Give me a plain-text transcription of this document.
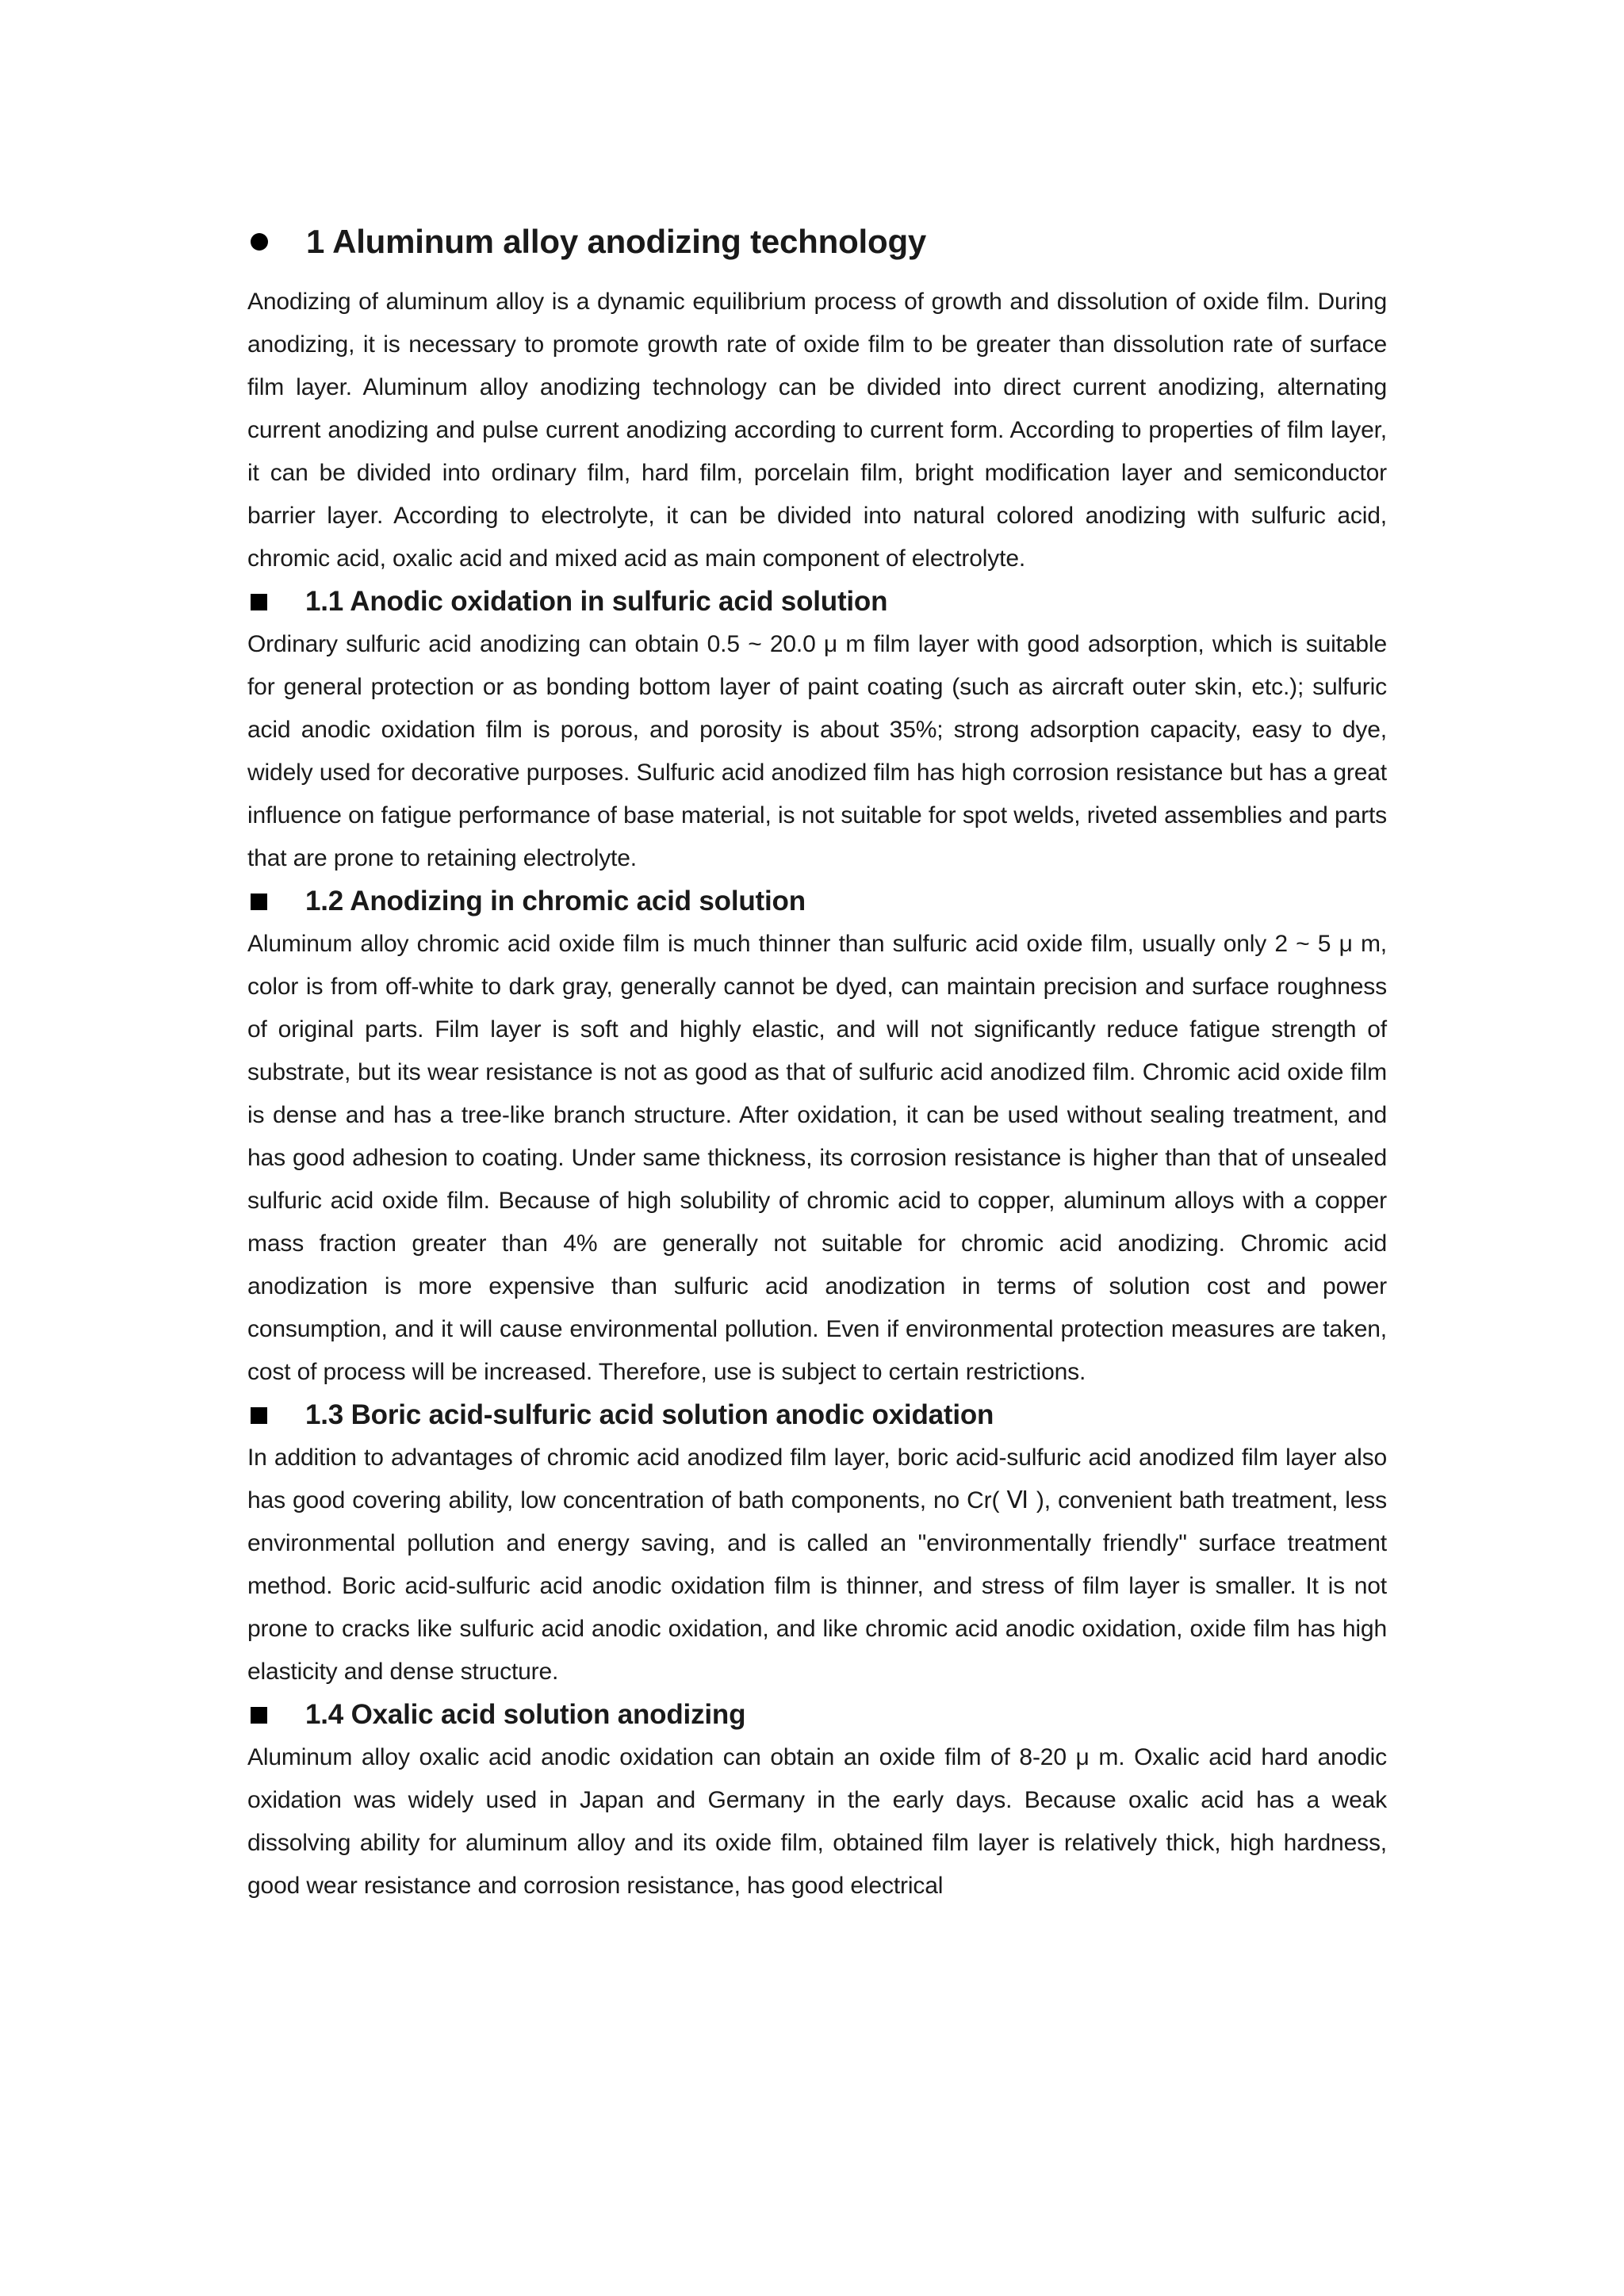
1 Aluminum alloy anodizing technology

Anodizing of aluminum alloy is a dynamic equilibrium process of growth and dissolution of oxide film. During anodizing, it is necessary to promote growth rate of oxide film to be greater than dissolution rate of surface film layer. Aluminum alloy anodizing technology can be divided into direct current anodizing, alternating current anodizing and pulse current anodizing according to current form. According to properties of film layer, it can be divided into ordinary film, hard film, porcelain film, bright modification layer and semiconductor barrier layer. According to electrolyte, it can be divided into natural colored anodizing with sulfuric acid, chromic acid, oxalic acid and mixed acid as main component of electrolyte.

1.1 Anodic oxidation in sulfuric acid solution

Ordinary sulfuric acid anodizing can obtain 0.5 ~ 20.0 μ m film layer with good adsorption, which is suitable for general protection or as bonding bottom layer of paint coating (such as aircraft outer skin, etc.); sulfuric acid anodic oxidation film is porous, and porosity is about 35%; strong adsorption capacity, easy to dye, widely used for decorative purposes. Sulfuric acid anodized film has high corrosion resistance but has a great influence on fatigue performance of base material, is not suitable for spot welds, riveted assemblies and parts that are prone to retaining electrolyte.

1.2 Anodizing in chromic acid solution

Aluminum alloy chromic acid oxide film is much thinner than sulfuric acid oxide film, usually only 2 ~ 5 μ m, color is from off-white to dark gray, generally cannot be dyed, can maintain precision and surface roughness of original parts. Film layer is soft and highly elastic, and will not significantly reduce fatigue strength of substrate, but its wear resistance is not as good as that of sulfuric acid anodized film. Chromic acid oxide film is dense and has a tree-like branch structure. After oxidation, it can be used without sealing treatment, and has good adhesion to coating. Under same thickness, its corrosion resistance is higher than that of unsealed sulfuric acid oxide film. Because of high solubility of chromic acid to copper, aluminum alloys with a copper mass fraction greater than 4% are generally not suitable for chromic acid anodizing. Chromic acid anodization is more expensive than sulfuric acid anodization in terms of solution cost and power consumption, and it will cause environmental pollution. Even if environmental protection measures are taken, cost of process will be increased. Therefore, use is subject to certain restrictions.

1.3 Boric acid-sulfuric acid solution anodic oxidation

In addition to advantages of chromic acid anodized film layer, boric acid-sulfuric acid anodized film layer also has good covering ability, low concentration of bath components, no Cr( Ⅵ ), convenient bath treatment, less environmental pollution and energy saving, and is called an "environmentally friendly" surface treatment method. Boric acid-sulfuric acid anodic oxidation film is thinner, and stress of film layer is smaller. It is not prone to cracks like sulfuric acid anodic oxidation, and like chromic acid anodic oxidation, oxide film has high elasticity and dense structure.

1.4 Oxalic acid solution anodizing

Aluminum alloy oxalic acid anodic oxidation can obtain an oxide film of 8-20 μ m. Oxalic acid hard anodic oxidation was widely used in Japan and Germany in the early days. Because oxalic acid has a weak dissolving ability for aluminum alloy and its oxide film, obtained film layer is relatively thick, high hardness, good wear resistance and corrosion resistance, has good electrical
